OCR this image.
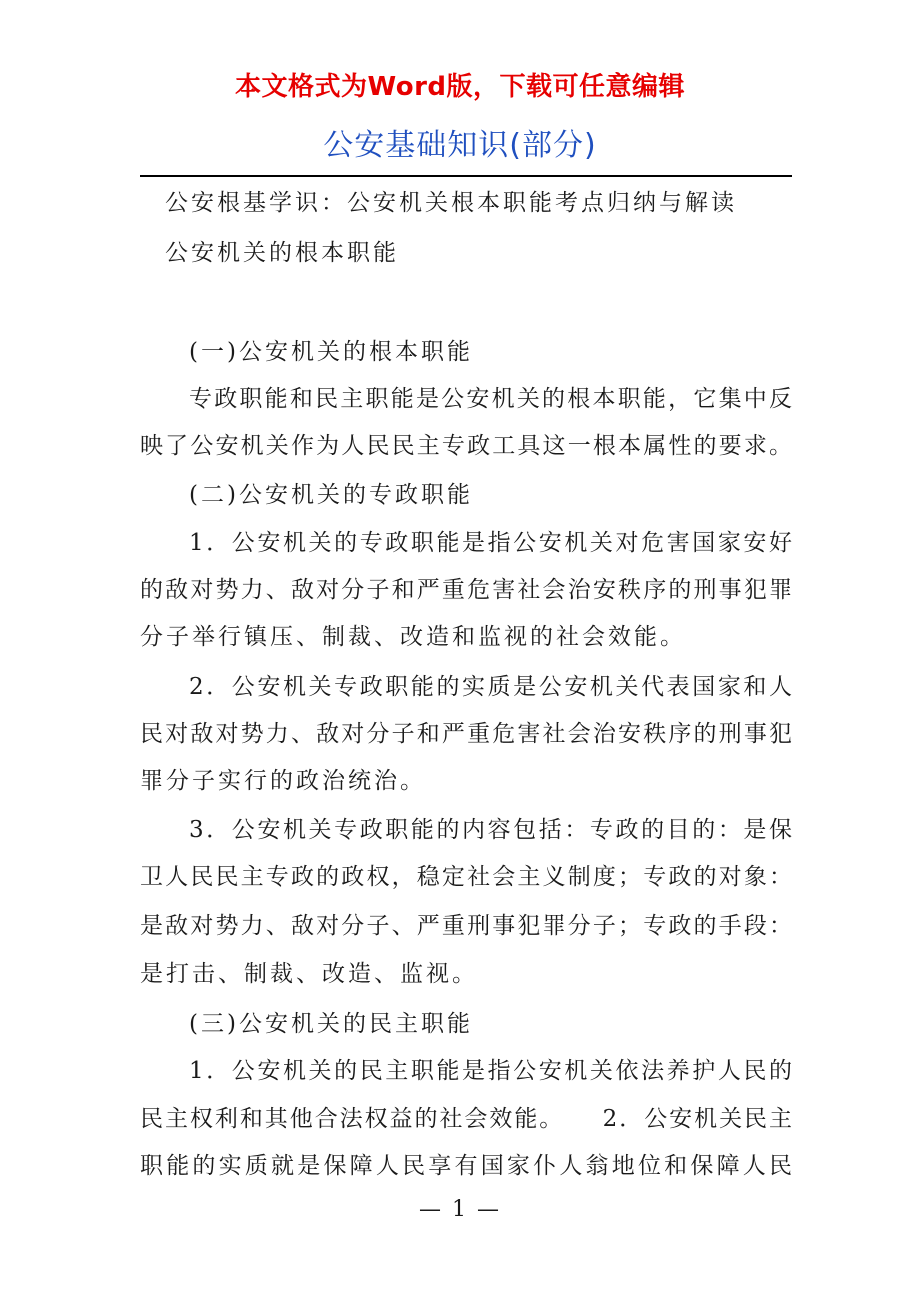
本文格式为Word版，下载可任意编辑
公安基础知识(部分)
公安根基学识：公安机关根本职能考点归纳与解读
公安机关的根本职能
(一)公安机关的根本职能
专政职能和民主职能是公安机关的根本职能，它集中反
映了公安机关作为人民民主专政工具这一根本属性的要求。
(二)公安机关的专政职能
1．公安机关的专政职能是指公安机关对危害国家安好
的敌对势力、敌对分子和严重危害社会治安秩序的刑事犯罪
分子举行镇压、制裁、改造和监视的社会效能。
2．公安机关专政职能的实质是公安机关代表国家和人
民对敌对势力、敌对分子和严重危害社会治安秩序的刑事犯
罪分子实行的政治统治。
3．公安机关专政职能的内容包括：专政的目的：是保
卫人民民主专政的政权，稳定社会主义制度；专政的对象：
是敌对势力、敌对分子、严重刑事犯罪分子；专政的手段：
是打击、制裁、改造、监视。
(三)公安机关的民主职能
1．公安机关的民主职能是指公安机关依法养护人民的
民主权利和其他合法权益的社会效能。　　2．公安机关民主
职能的实质就是保障人民享有国家仆人翁地位和保障人民
— 1 —
